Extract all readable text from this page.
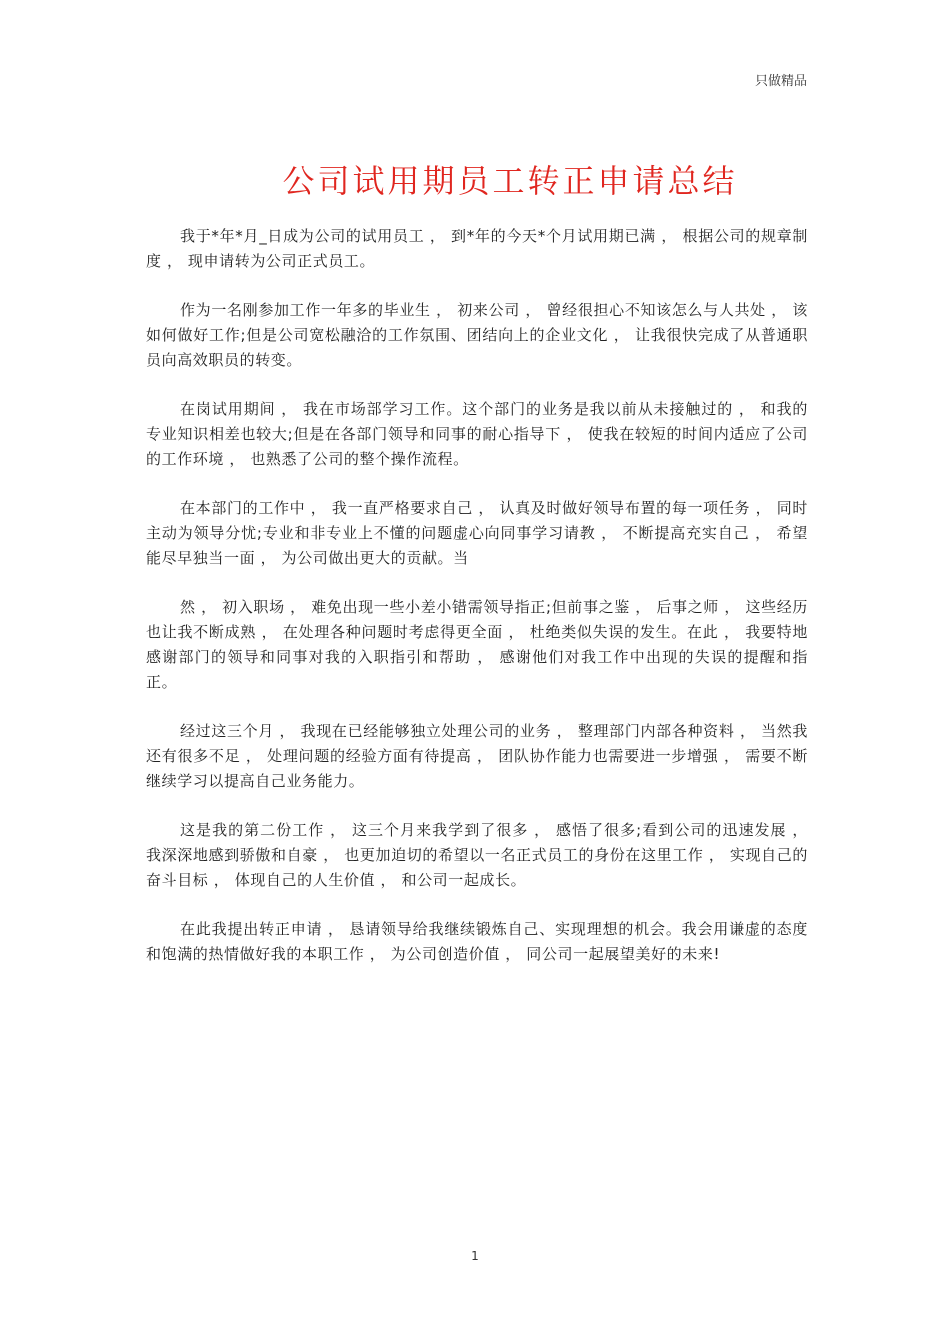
只做精品
公司试用期员工转正申请总结

我于*年*月_日成为公司的试用员工 ， 到*年的今天*个月试用期已满 ， 根据公司的规章制度 ， 现申请转为公司正式员工。

作为一名刚参加工作一年多的毕业生 ， 初来公司 ， 曾经很担心不知该怎么与人共处 ， 该如何做好工作;但是公司宽松融洽的工作氛围、团结向上的企业文化 ， 让我很快完成了从普通职员向高效职员的转变。

在岗试用期间 ， 我在市场部学习工作。这个部门的业务是我以前从未接触过的 ， 和我的专业知识相差也较大;但是在各部门领导和同事的耐心指导下 ， 使我在较短的时间内适应了公司的工作环境 ， 也熟悉了公司的整个操作流程。

在本部门的工作中 ， 我一直严格要求自己 ， 认真及时做好领导布置的每一项任务 ， 同时主动为领导分忧;专业和非专业上不懂的问题虚心向同事学习请教 ， 不断提高充实自己 ， 希望能尽早独当一面 ， 为公司做出更大的贡献。当

然 ， 初入职场 ， 难免出现一些小差小错需领导指正;但前事之鉴 ， 后事之师 ， 这些经历也让我不断成熟 ， 在处理各种问题时考虑得更全面 ， 杜绝类似失误的发生。在此 ， 我要特地感谢部门的领导和同事对我的入职指引和帮助 ， 感谢他们对我工作中出现的失误的提醒和指正。

经过这三个月 ， 我现在已经能够独立处理公司的业务 ， 整理部门内部各种资料 ， 当然我还有很多不足 ， 处理问题的经验方面有待提高 ， 团队协作能力也需要进一步增强 ， 需要不断继续学习以提高自己业务能力。

这是我的第二份工作 ， 这三个月来我学到了很多 ， 感悟了很多;看到公司的迅速发展 ， 我深深地感到骄傲和自豪 ， 也更加迫切的希望以一名正式员工的身份在这里工作 ， 实现自己的奋斗目标 ， 体现自己的人生价值 ， 和公司一起成长。

在此我提出转正申请 ， 恳请领导给我继续锻炼自己、实现理想的机会。我会用谦虚的态度和饱满的热情做好我的本职工作 ， 为公司创造价值 ， 同公司一起展望美好的未来!

1
